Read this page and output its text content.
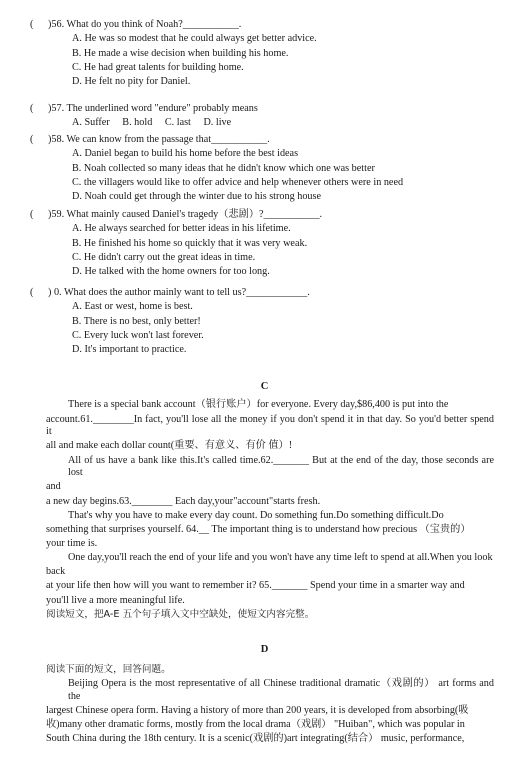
(	)56. What do you think of Noah?___________.
A. He was so modest that he could always get better advice.
B. He made a wise decision when building his home.
C. He had great talents for building home.
D. He felt no pity for Daniel.
(	)57. The underlined word "endure" probably means
A. Suffer B. hold C. last D. live
(	)58. We can know from the passage that___________.
A. Daniel began to build his home before the best ideas
B. Noah collected so many ideas that he didn't know which one was better
C. the villagers would like to offer advice and help whenever others were in need
D. Noah could get through the winter due to his strong house
(	)59. What mainly caused Daniel's tragedy（悲剧）?___________.
A. He always searched for better ideas in his lifetime.
B. He finished his home so quickly that it was very weak.
C. He didn't carry out the great ideas in time.
D. He talked with the home owners for too long.
(	) 0. What does the author mainly want to tell us?____________.
A. East or west, home is best.
B. There is no best, only better!
C. Every luck won't last forever.
D. It's important to practice.
C
There is a special bank account（银行账户）for everyone. Every day,$86,400 is put into the
account.61.________In fact, you'll lose all the money if you don't spend it in that day. So you'd better spend it
all and make each dollar count(重要、有意义、有价 值）!
All of us have a bank like this.It's called time.62._______ But at the end of the day, those seconds are lost
and
a new day begins.63.________ Each day,your"account"starts fresh.
That's why you have to make every day count. Do something fun.Do something difficult.Do
something that surprises yourself. 64.__ The important thing is to understand how precious （宝贵的）
your time is.
One day,you'll reach the end of your life and you won't have any time left to spend at all.When you look
back
at your life then how will you want to remember it? 65._______ Spend your time in a smarter way and
you'll live a more meaningful life.
阅读短文，把A-E 五个句子填入文中空缺处，使短文内容完整。
D
阅读下面的短文，回答问题。
Beijing Opera is the most representative of all Chinese traditional dramatic（戏剧的） art forms and the
largest Chinese opera form. Having a history of more than 200 years, it is developed from absorbing(吸
收)many other dramatic forms, mostly from the local drama（戏剧） "Huiban", which was popular in
South China during the 18th century. It is a scenic(戏剧的)art integrating(结合） music, performance,
